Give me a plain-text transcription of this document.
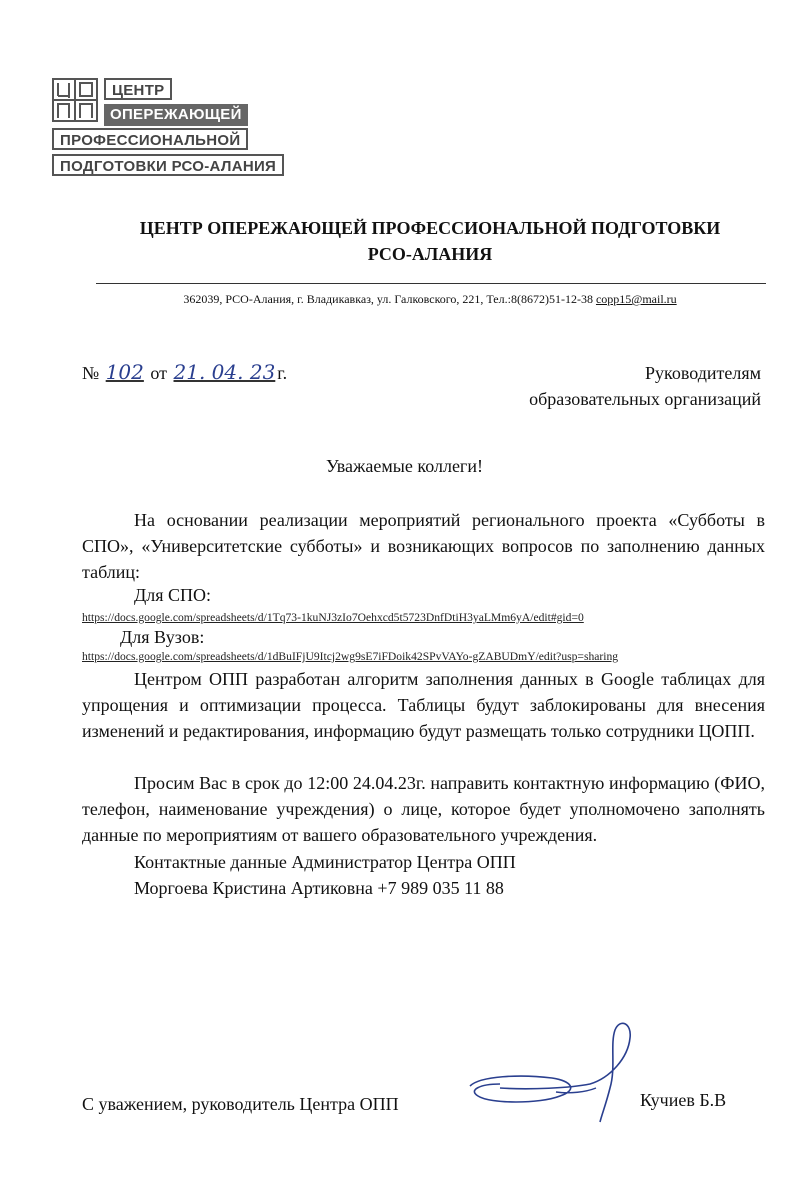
ЦЕНТР
ОПЕРЕЖАЮЩЕЙ
ПРОФЕССИОНАЛЬНОЙ
ПОДГОТОВКИ РСО-АЛАНИЯ
ЦЕНТР ОПЕРЕЖАЮЩЕЙ ПРОФЕССИОНАЛЬНОЙ ПОДГОТОВКИ
РСО-АЛАНИЯ
362039, РСО-Алания, г. Владикавказ, ул. Галковского, 221, Тел.:8(8672)51-12-38 copp15@mail.ru
№ 102 от 21. 04. 23 г.	Руководителям
образовательных организаций
Уважаемые коллеги!
На основании реализации мероприятий регионального проекта «Субботы в СПО», «Университетские субботы» и возникающих вопросов по заполнению данных таблиц:
Для СПО:
https://docs.google.com/spreadsheets/d/1Tq73-1kuNJ3zIo7Oehxcd5t5723DnfDtiH3yaLMm6yA/edit#gid=0
Для Вузов:
https://docs.google.com/spreadsheets/d/1dBuIFjU9Itcj2wg9sE7iFDoik42SPvVAYo-gZABUDmY/edit?usp=sharing
Центром ОПП разработан алгоритм заполнения данных в Google таблицах для упрощения и оптимизации процесса. Таблицы будут заблокированы для внесения изменений и редактирования, информацию будут размещать только сотрудники ЦОПП.
Просим Вас в срок до 12:00 24.04.23г. направить контактную информацию (ФИО, телефон, наименование учреждения) о лице, которое будет уполномочено заполнять данные по мероприятиям от вашего образовательного учреждения.
Контактные данные Администратор Центра ОПП
Моргоева Кристина Артиковна +7 989 035 11 88
С уважением, руководитель Центра ОПП	Кучиев Б.В
